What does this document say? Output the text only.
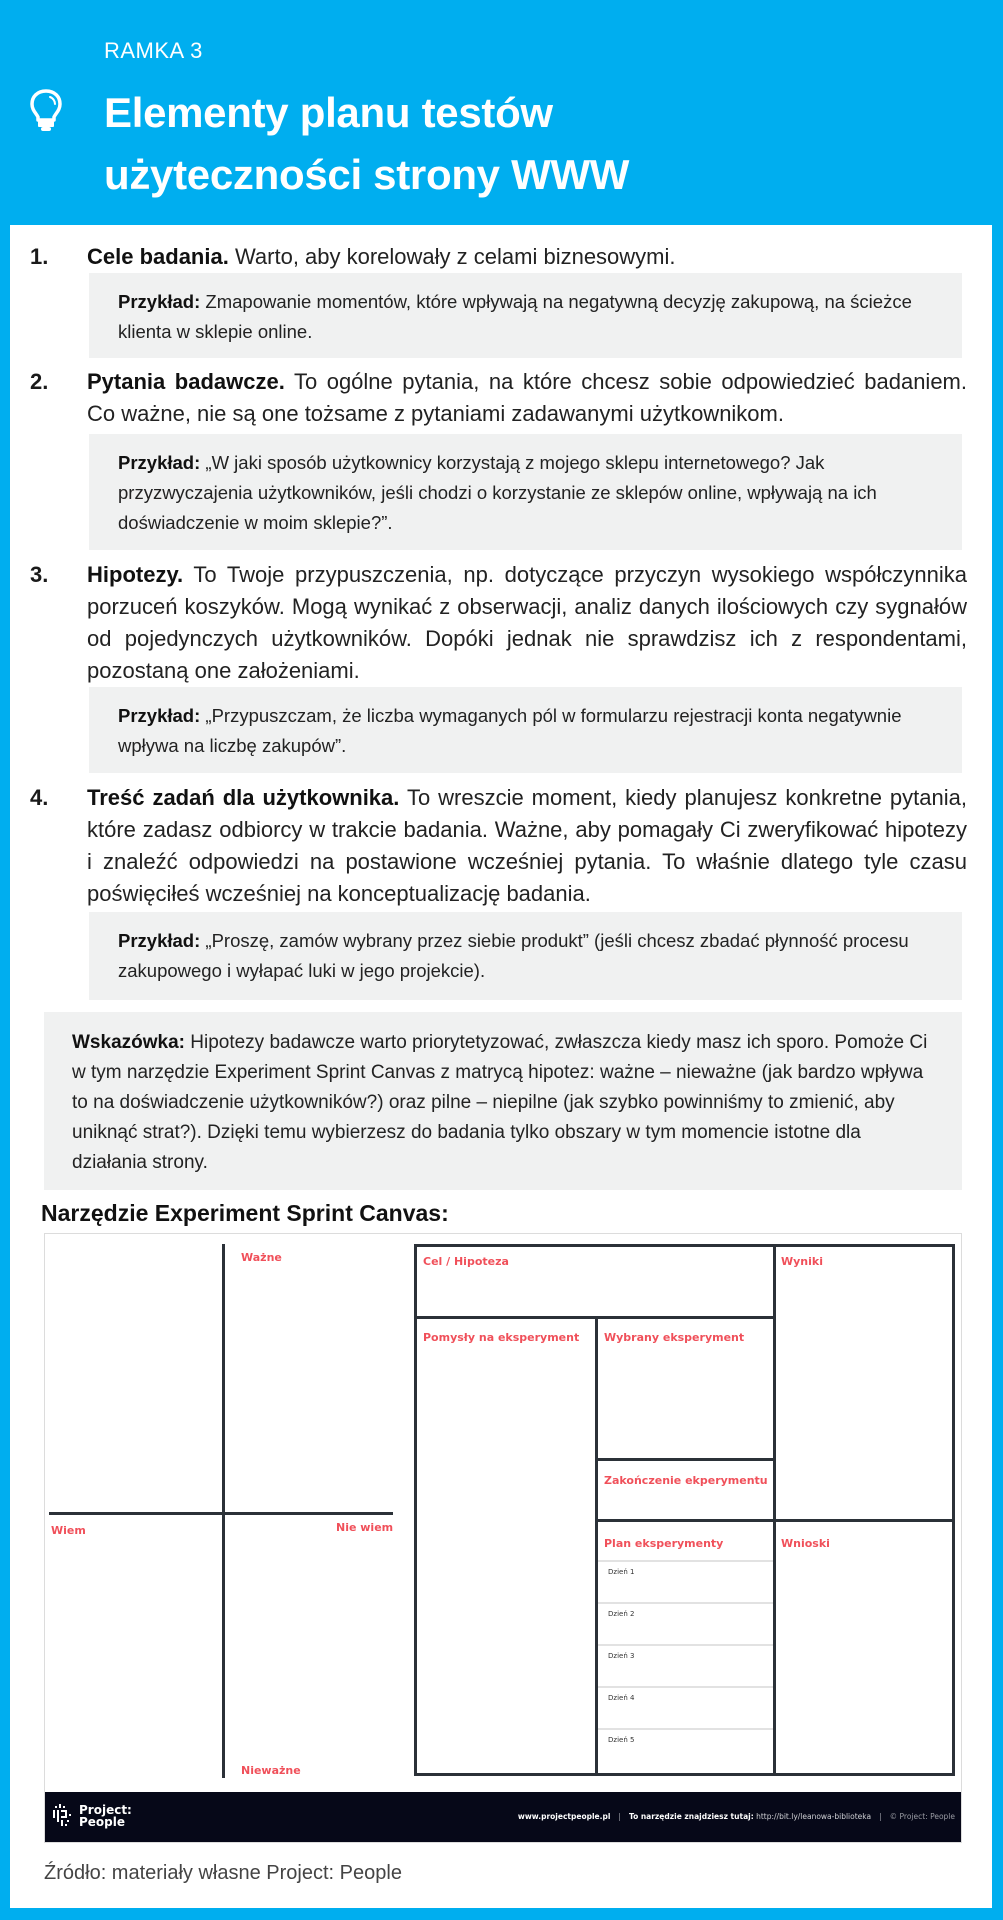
RAMKA 3
Elementy planu testów
użyteczności strony WWW
1. Cele badania. Warto, aby korelowały z celami biznesowymi.
Przykład: Zmapowanie momentów, które wpływają na negatywną decyzję zakupową, na ścieżce klienta w sklepie online.
2. Pytania badawcze. To ogólne pytania, na które chcesz sobie odpowiedzieć badaniem. Co ważne, nie są one tożsame z pytaniami zadawanymi użytkownikom.
Przykład: „W jaki sposób użytkownicy korzystają z mojego sklepu internetowego? Jak przyzwyczajenia użytkowników, jeśli chodzi o korzystanie ze sklepów online, wpływają na ich doświadczenie w moim sklepie?”.
3. Hipotezy. To Twoje przypuszczenia, np. dotyczące przyczyn wysokiego współczynnika porzuceń koszyków. Mogą wynikać z obserwacji, analiz danych ilościowych czy sygnałów od pojedynczych użytkowników. Dopóki jednak nie sprawdzisz ich z respondentami, pozostaną one założeniami.
Przykład: „Przypuszczam, że liczba wymaganych pól w formularzu rejestracji konta negatywnie wpływa na liczbę zakupów”.
4. Treść zadań dla użytkownika. To wreszcie moment, kiedy planujesz konkretne pytania, które zadasz odbiorcy w trakcie badania. Ważne, aby pomagały Ci zweryfikować hipotezy i znaleźć odpowiedzi na postawione wcześniej pytania. To właśnie dlatego tyle czasu poświęciłeś wcześniej na konceptualizację badania.
Przykład: „Proszę, zamów wybrany przez siebie produkt” (jeśli chcesz zbadać płynność procesu zakupowego i wyłapać luki w jego projekcie).
Wskazówka: Hipotezy badawcze warto priorytetyzować, zwłaszcza kiedy masz ich sporo. Pomoże Ci w tym narzędzie Experiment Sprint Canvas z matrycą hipotez: ważne – nieważne (jak bardzo wpływa to na doświadczenie użytkowników?) oraz pilne – niepilne (jak szybko powinniśmy to zmienić, aby uniknąć strat?). Dzięki temu wybierzesz do badania tylko obszary w tym momencie istotne dla działania strony.
Narzędzie Experiment Sprint Canvas:
Ważne
Nieważne
Wiem	Nie wiem
Cel / Hipoteza	Wyniki
Pomysły na eksperyment Wybrany eksperyment
Zakończenie ekperymentu
Plan eksperymenty	Wnioski
Dzień 1
Dzień 2
Dzień 3
Dzień 4
Dzień 5
Project:
People	www.projectpeople.pl | To narzędzie znajdziesz tutaj: http://bit.ly/leanowa-biblioteka | © Project: People
Źródło: materiały własne Project: People
